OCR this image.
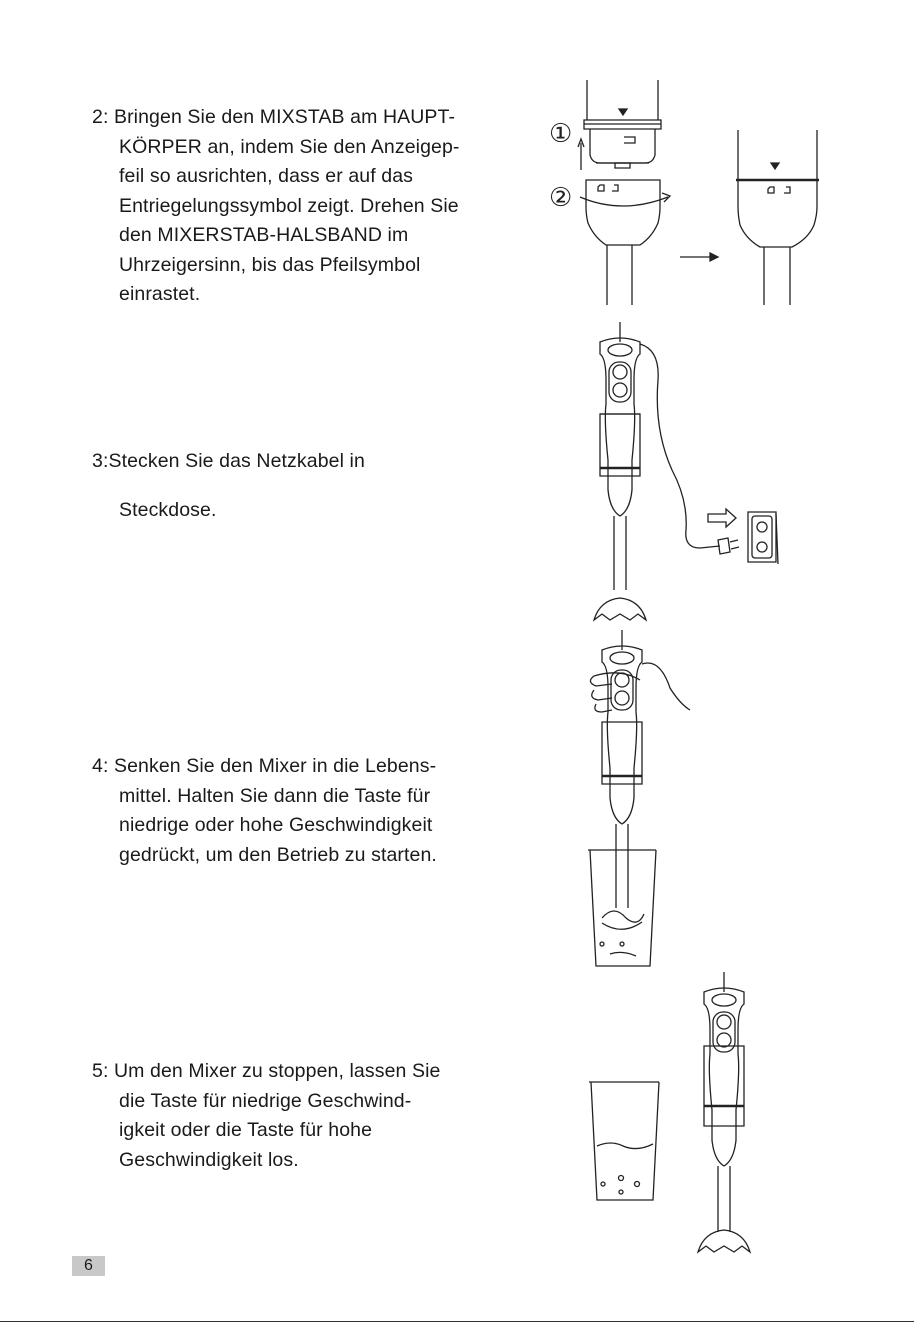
2: Bringen Sie den MIXSTAB am HAUPT-
KÖRPER an, indem Sie den Anzeigep-
feil so ausrichten, dass er auf das
Entriegelungssymbol zeigt. Drehen Sie
den MIXERSTAB-HALSBAND im
Uhrzeigersinn, bis das Pfeilsymbol
einrastet.
3:Stecken Sie das Netzkabel in
Steckdose.
4: Senken Sie den Mixer in die Lebens-
mittel. Halten Sie dann die Taste für
niedrige oder hohe Geschwindigkeit
gedrückt, um den Betrieb zu starten.
5: Um den Mixer zu stoppen, lassen Sie
die Taste für niedrige Geschwind-
igkeit oder die Taste für hohe
Geschwindigkeit los.
①
②
6
